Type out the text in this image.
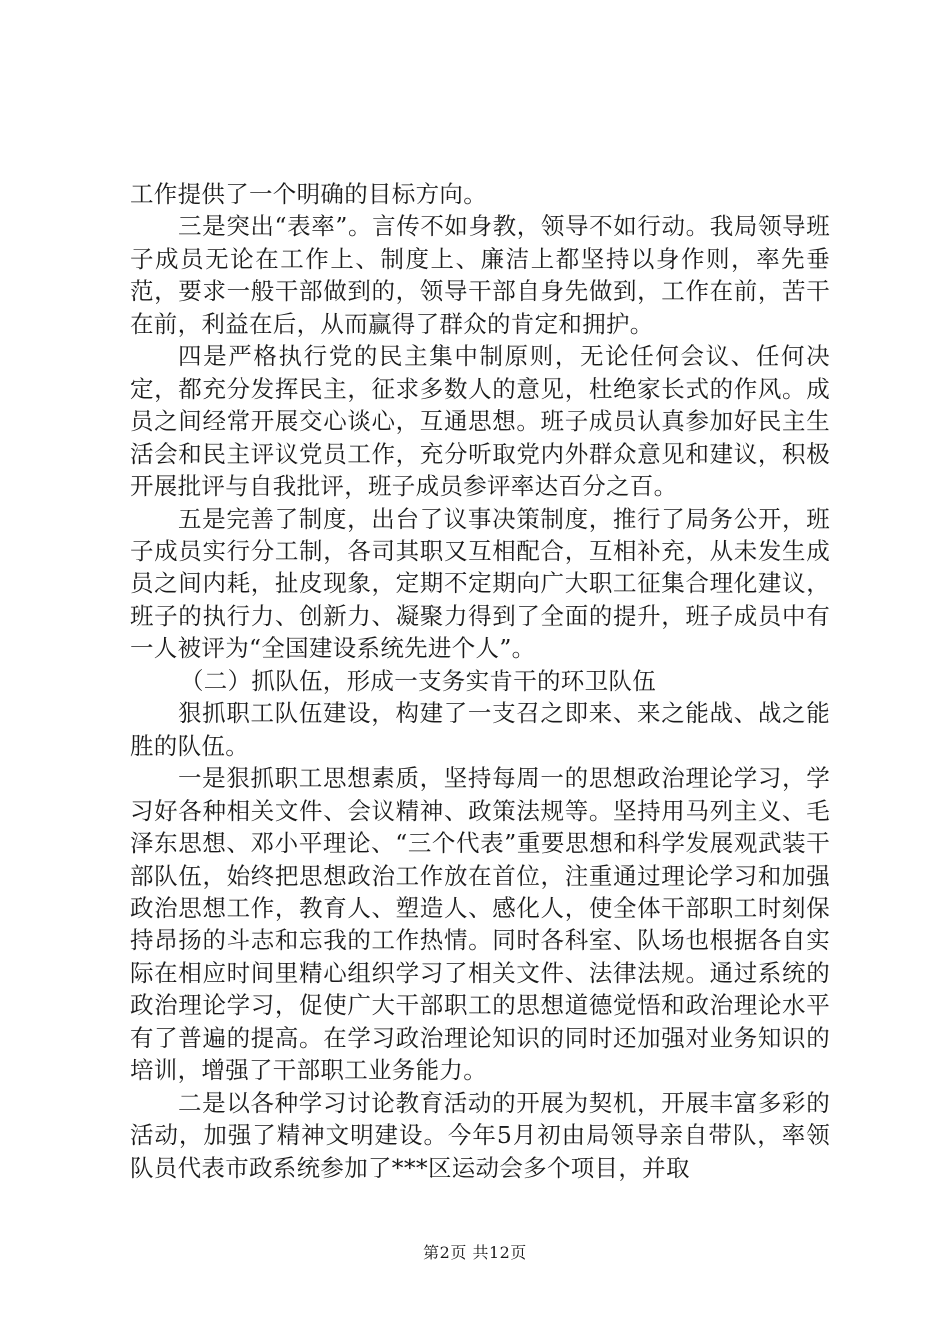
工作提供了一个明确的目标方向。

三是突出“表率”。言传不如身教，领导不如行动。我局领导班子成员无论在工作上、制度上、廉洁上都坚持以身作则，率先垂范，要求一般干部做到的，领导干部自身先做到，工作在前，苦干在前，利益在后，从而赢得了群众的肯定和拥护。

四是严格执行党的民主集中制原则，无论任何会议、任何决定，都充分发挥民主，征求多数人的意见，杜绝家长式的作风。成员之间经常开展交心谈心，互通思想。班子成员认真参加好民主生活会和民主评议党员工作，充分听取党内外群众意见和建议，积极开展批评与自我批评，班子成员参评率达百分之百。

五是完善了制度，出台了议事决策制度，推行了局务公开，班子成员实行分工制，各司其职又互相配合，互相补充，从未发生成员之间内耗，扯皮现象，定期不定期向广大职工征集合理化建议，班子的执行力、创新力、凝聚力得到了全面的提升，班子成员中有一人被评为“全国建设系统先进个人”。

（二）抓队伍，形成一支务实肯干的环卫队伍

狠抓职工队伍建设，构建了一支召之即来、来之能战、战之能胜的队伍。

一是狠抓职工思想素质，坚持每周一的思想政治理论学习，学习好各种相关文件、会议精神、政策法规等。坚持用马列主义、毛泽东思想、邓小平理论、“三个代表”重要思想和科学发展观武装干部队伍，始终把思想政治工作放在首位，注重通过理论学习和加强政治思想工作，教育人、塑造人、感化人，使全体干部职工时刻保持昂扬的斗志和忘我的工作热情。同时各科室、队场也根据各自实际在相应时间里精心组织学习了相关文件、法律法规。通过系统的政治理论学习，促使广大干部职工的思想道德觉悟和政治理论水平有了普遍的提高。在学习政治理论知识的同时还加强对业务知识的培训，增强了干部职工业务能力。

二是以各种学习讨论教育活动的开展为契机，开展丰富多彩的活动，加强了精神文明建设。今年5月初由局领导亲自带队，率领队员代表市政系统参加了***区运动会多个项目，并取

第2页 共12页
